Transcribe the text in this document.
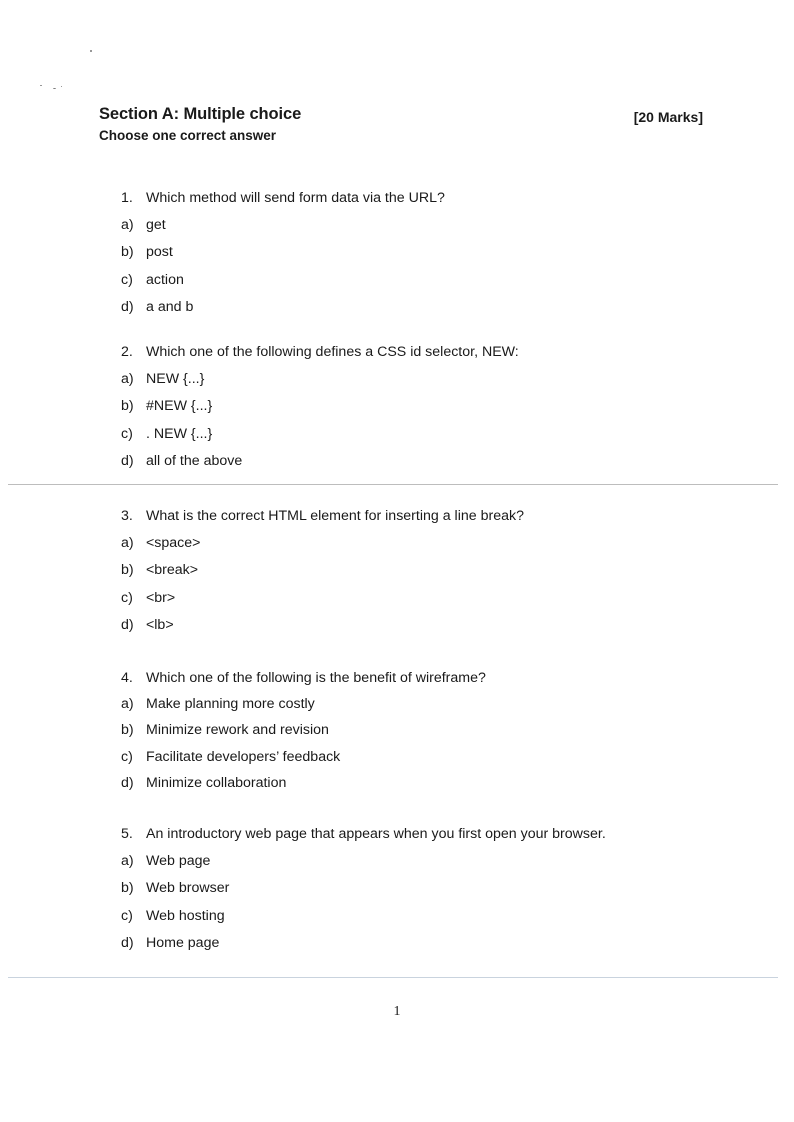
Section A: Multiple choice
Choose one correct answer
[20 Marks]
1. Which method will send form data via the URL?
a) get
b) post
c) action
d) a and b
2. Which one of the following defines a CSS id selector, NEW:
a) NEW {...}
b) #NEW {...}
c) . NEW {...}
d) all of the above
3. What is the correct HTML element for inserting a line break?
a) <space>
b) <break>
c) <br>
d) <lb>
4. Which one of the following is the benefit of wireframe?
a) Make planning more costly
b) Minimize rework and revision
c) Facilitate developers’ feedback
d) Minimize collaboration
5. An introductory web page that appears when you first open your browser.
a) Web page
b) Web browser
c) Web hosting
d) Home page
1
